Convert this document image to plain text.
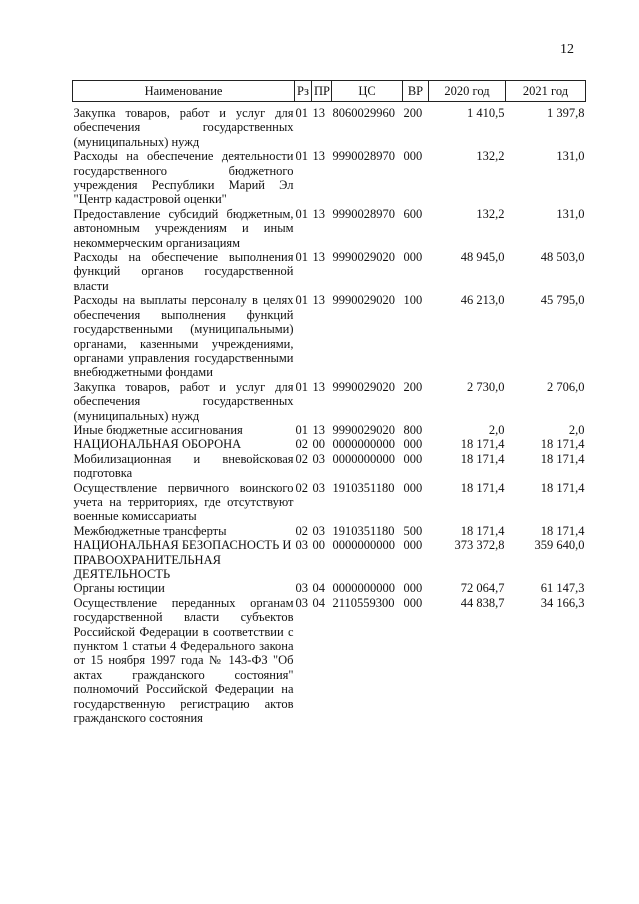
12
Наименование	Рз	ПР	ЦС	ВР	2020 год	2021 год

Закупка товаров, работ и услуг для обеспечения государственных (муниципальных) нужд	01	13	8060029960	200	1 410,5	1 397,8
Расходы на обеспечение деятельности государственного бюджетного учреждения Республики Марий Эл "Центр кадастровой оценки"	01	13	9990028970	000	132,2	131,0
Предоставление субсидий бюджетным, автономным учреждениям и иным некоммерческим организациям	01	13	9990028970	600	132,2	131,0
Расходы на обеспечение выполнения функций органов государственной власти	01	13	9990029020	000	48 945,0	48 503,0
Расходы на выплаты персоналу в целях обеспечения выполнения функций государственными (муниципальными) органами, казенными учреждениями, органами управления государственными внебюджетными фондами	01	13	9990029020	100	46 213,0	45 795,0
Закупка товаров, работ и услуг для обеспечения государственных (муниципальных) нужд	01	13	9990029020	200	2 730,0	2 706,0
Иные бюджетные ассигнования	01	13	9990029020	800	2,0	2,0
НАЦИОНАЛЬНАЯ ОБОРОНА	02	00	0000000000	000	18 171,4	18 171,4
Мобилизационная и вневойсковая подготовка	02	03	0000000000	000	18 171,4	18 171,4
Осуществление первичного воинского учета на территориях, где отсутствуют военные комиссариаты	02	03	1910351180	000	18 171,4	18 171,4
Межбюджетные трансферты	02	03	1910351180	500	18 171,4	18 171,4
НАЦИОНАЛЬНАЯ БЕЗОПАСНОСТЬ И ПРАВООХРАНИТЕЛЬНАЯ ДЕЯТЕЛЬНОСТЬ	03	00	0000000000	000	373 372,8	359 640,0
Органы юстиции	03	04	0000000000	000	72 064,7	61 147,3
Осуществление переданных органам государственной власти субъектов Российской Федерации в соответствии с пунктом 1 статьи 4 Федерального закона от 15 ноября 1997 года № 143-ФЗ "Об актах гражданского состояния" полномочий Российской Федерации на государственную регистрацию актов гражданского состояния	03	04	2110559300	000	44 838,7	34 166,3
